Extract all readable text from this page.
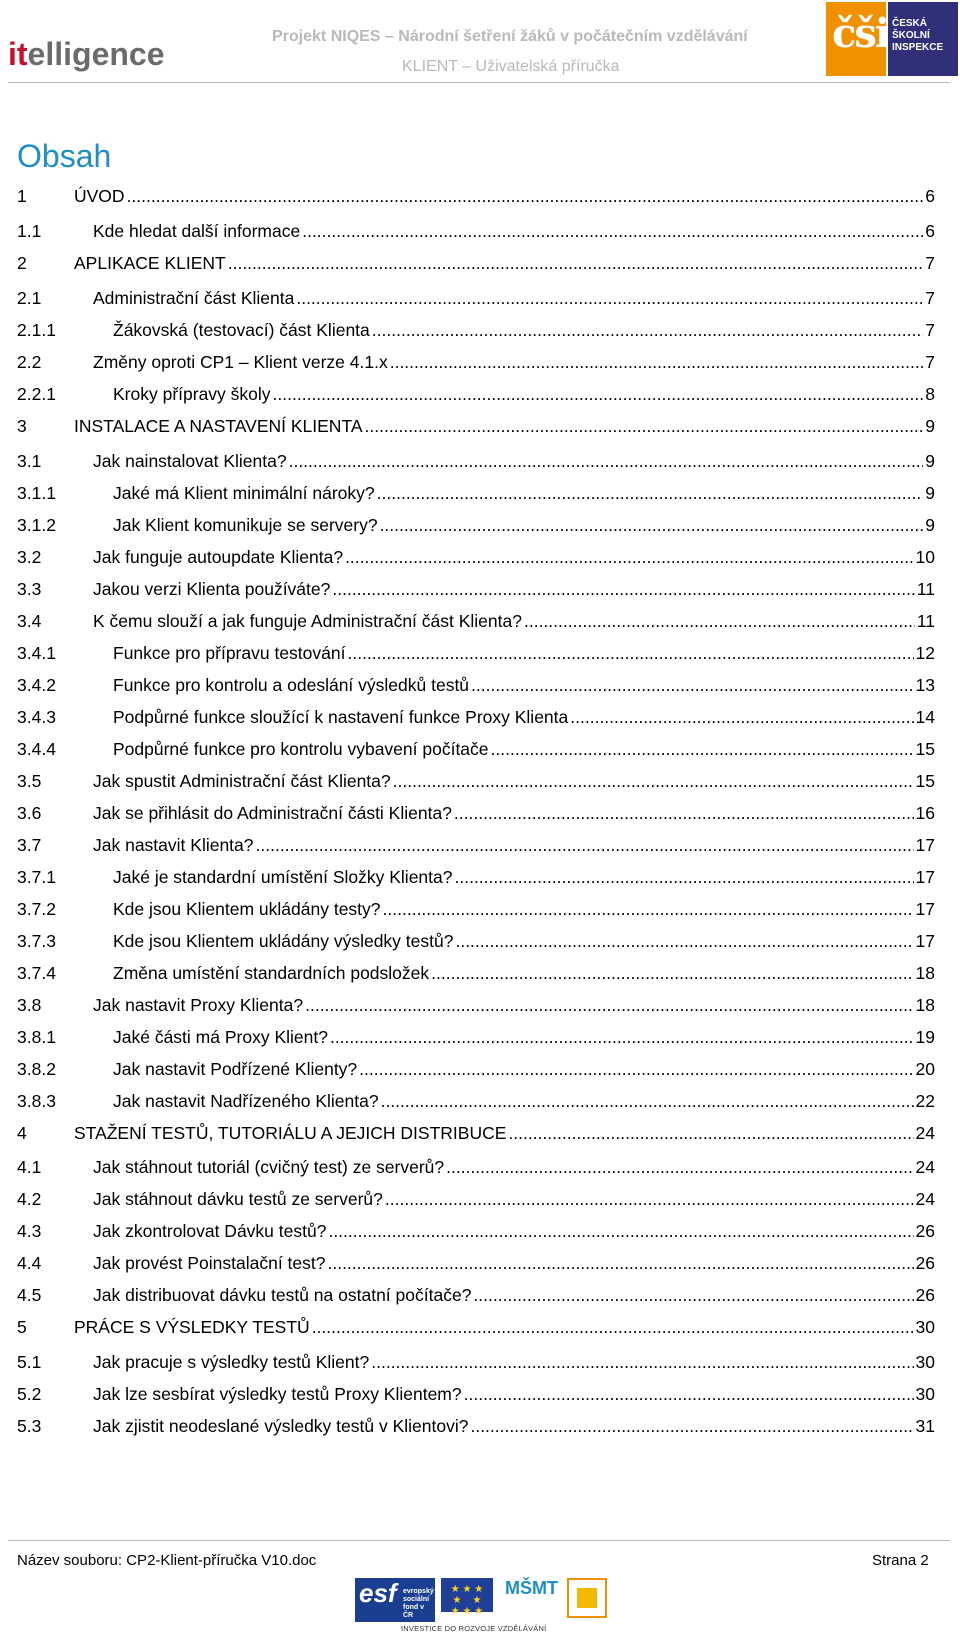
itelligence	Projekt NIQES – Národní šetření žáků v počátečním vzdělávání
KLIENT – Uživatelská příručka
čši ČESKÁ
ŠKOLNÍ
INSPEKCE
Obsah
1	ÚVOD .....	6
1.1	Kde hledat další informace .....	6
2	APLIKACE KLIENT .....	7
2.1	Administrační část Klienta .....	7
2.1.1	Žákovská (testovací) část Klienta .....	7
2.2	Změny oproti CP1 – Klient verze 4.1.x .....	7
2.2.1	Kroky přípravy školy .....	8
3	INSTALACE A NASTAVENÍ KLIENTA .....	9
3.1	Jak nainstalovat Klienta? .....	9
3.1.1	Jaké má Klient minimální nároky? .....	9
3.1.2	Jak Klient komunikuje se servery? .....	9
3.2	Jak funguje autoupdate Klienta? .....	10
3.3	Jakou verzi Klienta používáte? .....	11
3.4	K čemu slouží a jak funguje Administrační část Klienta? .....	11
3.4.1	Funkce pro přípravu testování .....	12
3.4.2	Funkce pro kontrolu a odeslání výsledků testů .....	13
3.4.3	Podpůrné funkce sloužící k nastavení funkce Proxy Klienta .....	14
3.4.4	Podpůrné funkce pro kontrolu vybavení počítače .....	15
3.5	Jak spustit Administrační část Klienta? .....	15
3.6	Jak se přihlásit do Administrační části Klienta? .....	16
3.7	Jak nastavit Klienta? .....	17
3.7.1	Jaké je standardní umístění Složky Klienta? .....	17
3.7.2	Kde jsou Klientem ukládány testy? .....	17
3.7.3	Kde jsou Klientem ukládány výsledky testů? .....	17
3.7.4	Změna umístění standardních podsložek .....	18
3.8	Jak nastavit Proxy Klienta? .....	18
3.8.1	Jaké části má Proxy Klient? .....	19
3.8.2	Jak nastavit Podřízené Klienty? .....	20
3.8.3	Jak nastavit Nadřízeného Klienta? .....	22
4	STAŽENÍ TESTŮ, TUTORIÁLU A JEJICH DISTRIBUCE .....	24
4.1	Jak stáhnout tutoriál (cvičný test) ze serverů? .....	24
4.2	Jak stáhnout dávku testů ze serverů? .....	24
4.3	Jak zkontrolovat Dávku testů? .....	26
4.4	Jak provést Poinstalační test? .....	26
4.5	Jak distribuovat dávku testů na ostatní počítače? .....	26
5	PRÁCE S VÝSLEDKY TESTŮ .....	30
5.1	Jak pracuje s výsledky testů Klient? .....	30
5.2	Jak lze sesbírat výsledky testů Proxy Klientem? .....	30
5.3	Jak zjistit neodeslané výsledky testů v Klientovi? .....	31
Název souboru: CP2-Klient-příručka V10.doc	Strana 2
esf evropský sociální fond v ČR
★ ★ ★
★    ★
★ ★ ★
MŠMT
INVESTICE DO ROZVOJE VZDĚLÁVÁNÍ
